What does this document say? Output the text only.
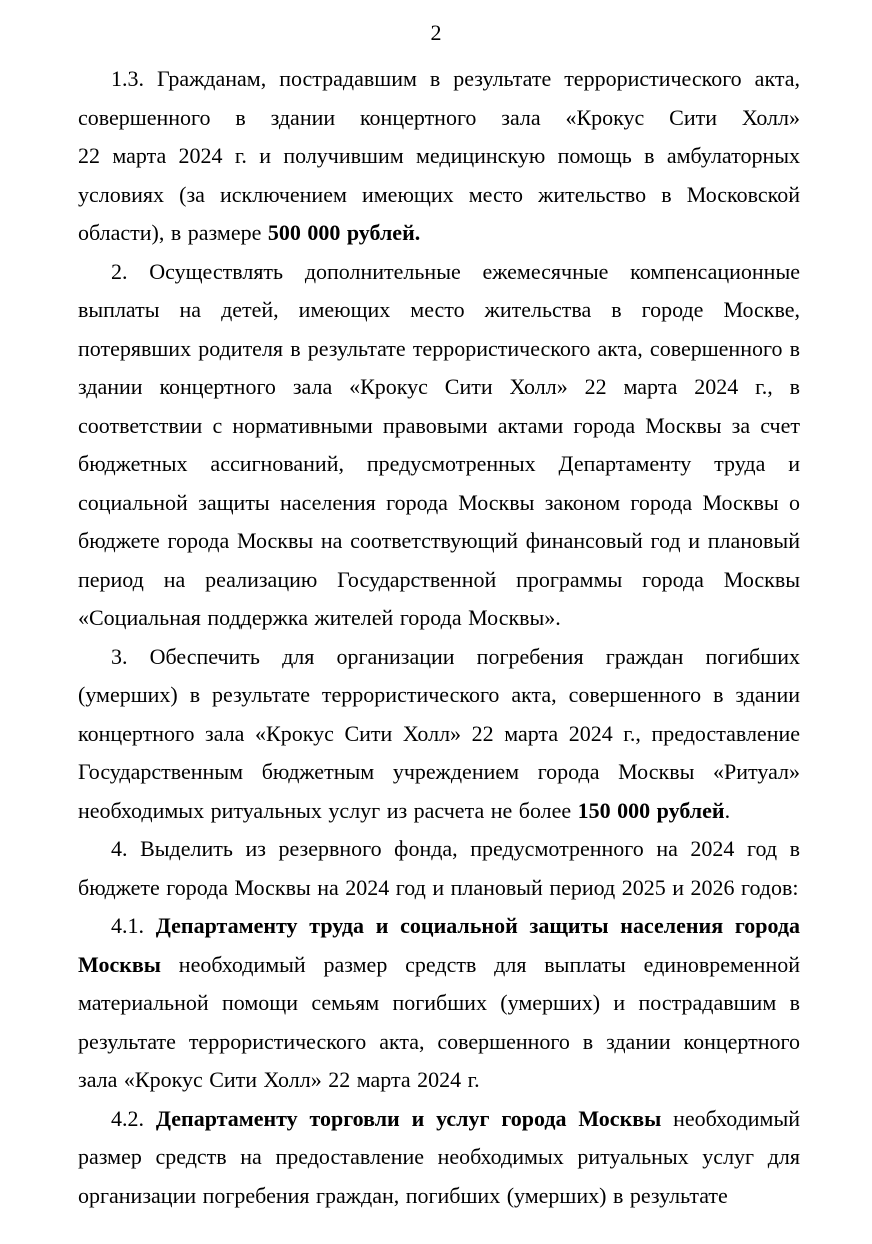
2

1.3. Гражданам, пострадавшим в результате террористического акта, совершенного в здании концертного зала «Крокус Сити Холл» 22 марта 2024 г. и получившим медицинскую помощь в амбулаторных условиях (за исключением имеющих место жительство в Московской области), в размере 500 000 рублей.

2. Осуществлять дополнительные ежемесячные компенсационные выплаты на детей, имеющих место жительства в городе Москве, потерявших родителя в результате террористического акта, совершенного в здании концертного зала «Крокус Сити Холл» 22 марта 2024 г., в соответствии с нормативными правовыми актами города Москвы за счет бюджетных ассигнований, предусмотренных Департаменту труда и социальной защиты населения города Москвы законом города Москвы о бюджете города Москвы на соответствующий финансовый год и плановый период на реализацию Государственной программы города Москвы «Социальная поддержка жителей города Москвы».

3. Обеспечить для организации погребения граждан погибших (умерших) в результате террористического акта, совершенного в здании концертного зала «Крокус Сити Холл» 22 марта 2024 г., предоставление Государственным бюджетным учреждением города Москвы «Ритуал» необходимых ритуальных услуг из расчета не более 150 000 рублей.

4. Выделить из резервного фонда, предусмотренного на 2024 год в бюджете города Москвы на 2024 год и плановый период 2025 и 2026 годов:

4.1. Департаменту труда и социальной защиты населения города Москвы необходимый размер средств для выплаты единовременной материальной помощи семьям погибших (умерших) и пострадавшим в результате террористического акта, совершенного в здании концертного зала «Крокус Сити Холл» 22 марта 2024 г.

4.2. Департаменту торговли и услуг города Москвы необходимый размер средств на предоставление необходимых ритуальных услуг для организации погребения граждан, погибших (умерших) в результате
